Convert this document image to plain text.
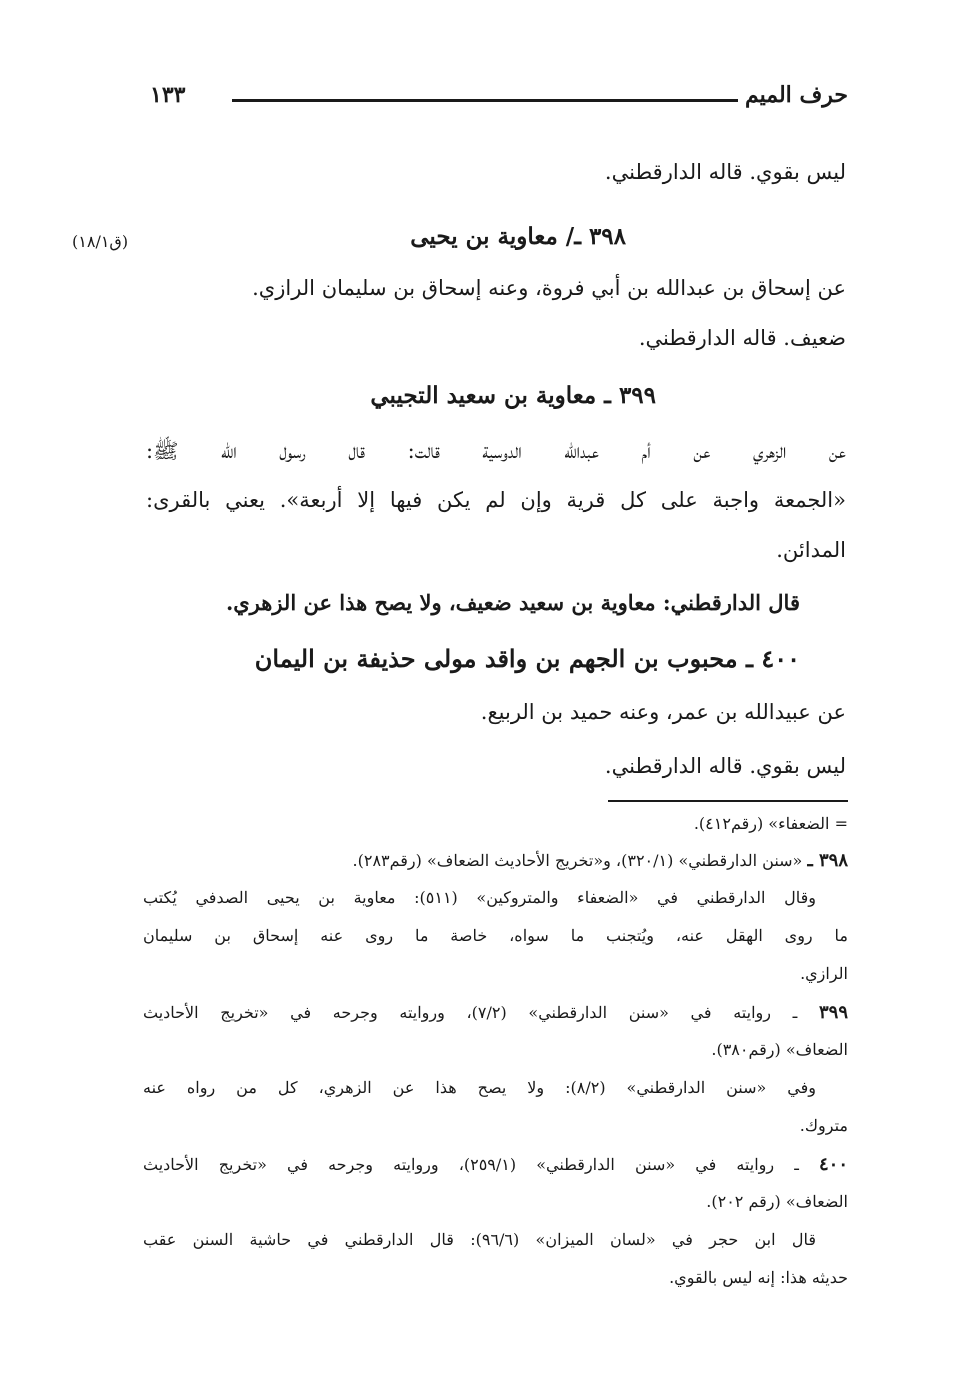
حرف الميم
١٣٣
ليس بقوي. قاله الدارقطني.
٣٩٨ ـ/ معاوية بن يحيى
(ق١٨/١)
عن إسحاق بن عبدالله بن أبي فروة، وعنه إسحاق بن سليمان الرازي.
ضعيف. قاله الدارقطني.
٣٩٩ ـ معاوية بن سعيد التجيبي
عن الزهري عن أم عبدالله الدوسية قالت: قال رسول الله ﷺ:
«الجمعة واجبة على كل قرية وإن لم يكن فيها إلا أربعة». يعني بالقرى:
المدائن.
قال الدارقطني: معاوية بن سعيد ضعيف، ولا يصح هذا عن الزهري.
٤٠٠ ـ محبوب بن الجهم بن واقد مولى حذيفة بن اليمان
عن عبيدالله بن عمر، وعنه حميد بن الربيع.
ليس بقوي. قاله الدارقطني.
= الضعفاء» (رقم٤١٢).
٣٩٨ ـ «سنن الدارقطني» (٣٢٠/١)، و«تخريج الأحاديث الضعاف» (رقم٢٨٣).
وقال الدارقطني في «الضعفاء والمتروكين» (٥١١): معاوية بن يحيى الصدفي يُكتب
ما روى الهقل عنه، ويُتجنب ما سواه، خاصة ما روى عنه إسحاق بن سليمان
الرازي.
٣٩٩ ـ روايته في «سنن الدارقطني» (٧/٢)، وروايته وجرحه في «تخريج الأحاديث
الضعاف» (رقم٣٨٠).
وفي «سنن الدارقطني» (٨/٢): ولا يصح هذا عن الزهري، كل من رواه عنه
متروك.
٤٠٠ ـ روايته في «سنن الدارقطني» (٢٥٩/١)، وروايته وجرحه في «تخريج الأحاديث
الضعاف» (رقم ٢٠٢).
قال ابن حجر في «لسان الميزان» (٩٦/٦): قال الدارقطني في حاشية السنن عقب
حديثه هذا: إنه ليس بالقوي.
